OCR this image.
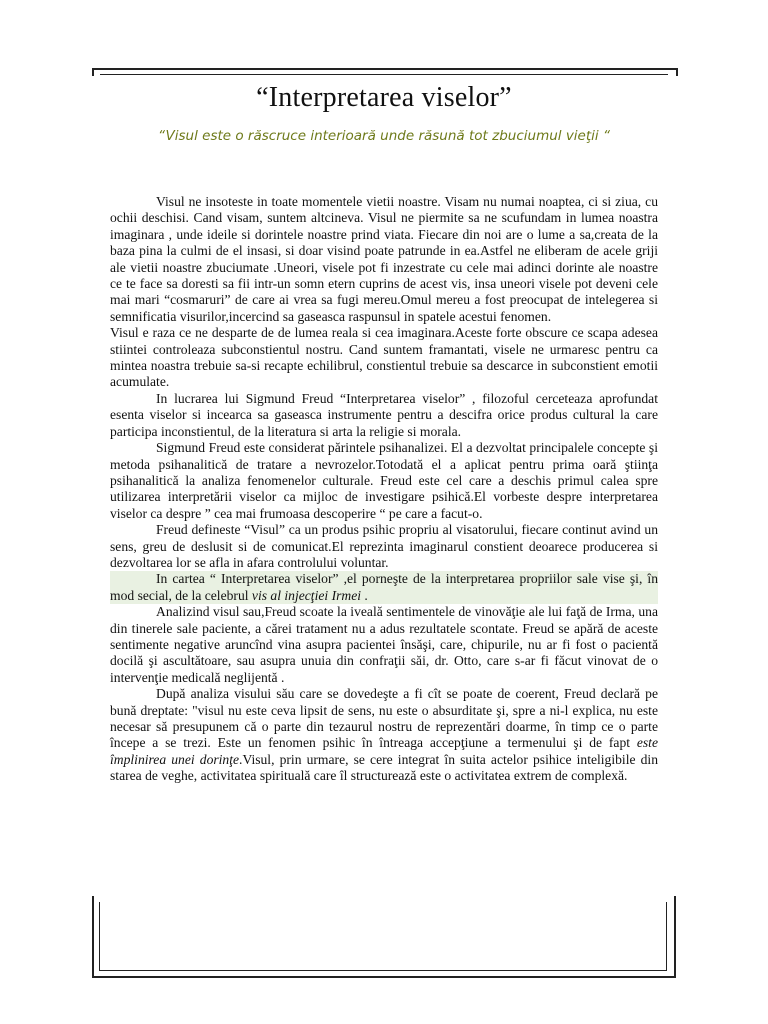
“Interpretarea viselor”
“Visul este o răscruce interioară unde răsună tot zbuciumul vieţii “

Visul ne insoteste in toate momentele vietii noastre. Visam nu numai noaptea, ci si ziua, cu ochii deschisi. Cand visam, suntem altcineva. Visul ne piermite sa ne scufundam in lumea noastra imaginara , unde ideile si dorintele noastre prind viata. Fiecare din noi are o lume a sa,creata de la baza pina la culmi de el insasi, si doar visind poate patrunde in ea.Astfel ne eliberam de acele griji ale vietii noastre zbuciumate .Uneori, visele pot fi inzestrate cu cele mai adinci dorinte ale noastre ce te face sa doresti sa fii intr-un somn etern cuprins de acest vis, insa uneori visele pot deveni cele mai mari “cosmaruri” de care ai vrea sa fugi mereu.Omul mereu a fost preocupat de intelegerea si semnificatia visurilor,incercind sa gaseasca raspunsul in spatele acestui fenomen.

Visul e raza ce ne desparte de de lumea reala si cea imaginara.Aceste forte obscure ce scapa adesea stiintei controleaza subconstientul nostru. Cand suntem framantati, visele ne urmaresc pentru ca mintea noastra trebuie sa-si recapte echilibrul, constientul trebuie sa descarce in subconstient emotii acumulate.

In lucrarea lui Sigmund Freud “Interpretarea viselor” , filozoful cerceteaza aprofundat esenta viselor si incearca sa gaseasca instrumente pentru a descifra orice produs cultural la care participa inconstientul, de la literatura si arta la religie si morala.

Sigmund Freud este considerat părintele psihanalizei. El a dezvoltat principalele concepte şi metoda psihanalitică de tratare a nevrozelor.Totodată el a aplicat pentru prima oară ştiinţa psihanalitică la analiza fenomenelor culturale. Freud este cel care a deschis primul calea spre utilizarea interpretării viselor ca mijloc de investigare psihică.El vorbeste despre interpretarea viselor ca despre ” cea mai frumoasa descoperire “ pe care a facut-o.

Freud defineste “Visul” ca un produs psihic propriu al visatorului, fiecare continut avind un sens, greu de deslusit si de comunicat.El reprezinta imaginarul constient deoarece producerea si dezvoltarea lor se afla in afara controlului voluntar.

In cartea “ Interpretarea viselor” ,el porneşte de la interpretarea propriilor sale vise şi, în mod secial, de la celebrul vis al injecţiei Irmei .

Analizind visul sau,Freud scoate la iveală sentimentele de vinovăţie ale lui faţă de Irma, una din tinerele sale paciente, a cărei tratament nu a adus rezultatele scontate. Freud se apără de aceste sentimente negative aruncînd vina asupra pacientei însăşi, care, chipurile, nu ar fi fost o pacientă docilă şi ascultătoare, sau asupra unuia din confraţii săi, dr. Otto, care s-ar fi făcut vinovat de o intervenţie medicală neglijentă .

După analiza visului său care se dovedeşte a fi cît se poate de coerent, Freud declară pe bună dreptate: "visul nu este ceva lipsit de sens, nu este o absurditate şi, spre a ni-l explica, nu este necesar să presupunem că o parte din tezaurul nostru de reprezentări doarme, în timp ce o parte începe a se trezi. Este un fenomen psihic în întreaga accepţiune a termenului şi de fapt este împlinirea unei dorinţe.Visul, prin urmare, se cere integrat în suita actelor psihice inteligibile din starea de veghe, activitatea spirituală care îl structurează este o activitatea extrem de complexă.
